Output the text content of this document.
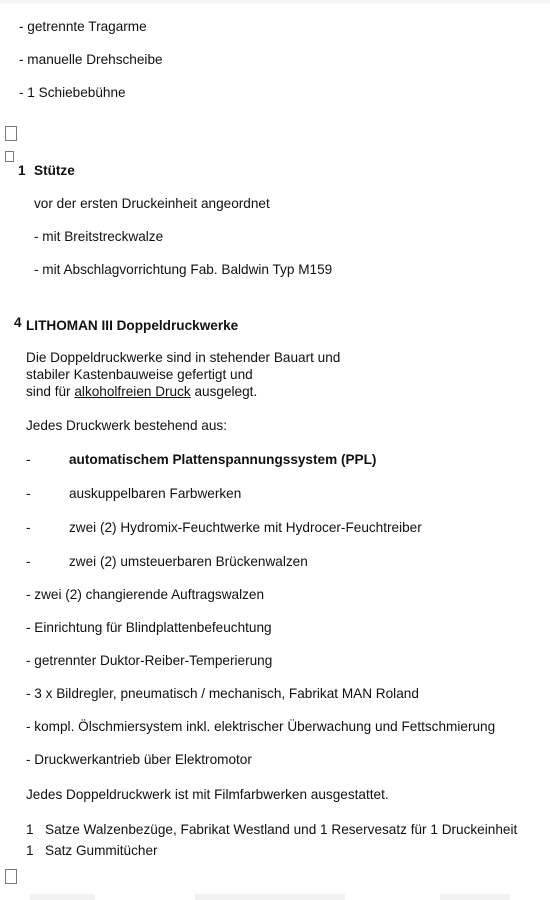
- getrennte Tragarme
- manuelle Drehscheibe
- 1 Schiebebühne
1 Stütze
vor der ersten Druckeinheit angeordnet
- mit Breitstreckwalze
- mit Abschlagvorrichtung Fab. Baldwin Typ M159
4 LITHOMAN III Doppeldruckwerke
Die Doppeldruckwerke sind in stehender Bauart und
stabiler Kastenbauweise gefertigt und
sind für alkoholfreien Druck ausgelegt.
Jedes Druckwerk bestehend aus:
-	automatischem Plattenspannungssystem (PPL)
-	auskuppelbaren Farbwerken
-	zwei (2) Hydromix-Feuchtwerke mit Hydrocer-Feuchtreiber
-	zwei (2) umsteuerbaren Brückenwalzen
- zwei (2) changierende Auftragswalzen
- Einrichtung für Blindplattenbefeuchtung
- getrennter Duktor-Reiber-Temperierung
- 3 x Bildregler, pneumatisch / mechanisch, Fabrikat MAN Roland
- kompl. Ölschmiersystem inkl. elektrischer Überwachung und Fettschmierung
- Druckwerkantrieb über Elektromotor
Jedes Doppeldruckwerk ist mit Filmfarbwerken ausgestattet.
1 Satze Walzenbezüge, Fabrikat Westland und 1 Reservesatz für 1 Druckeinheit
1 Satz Gummitücher
